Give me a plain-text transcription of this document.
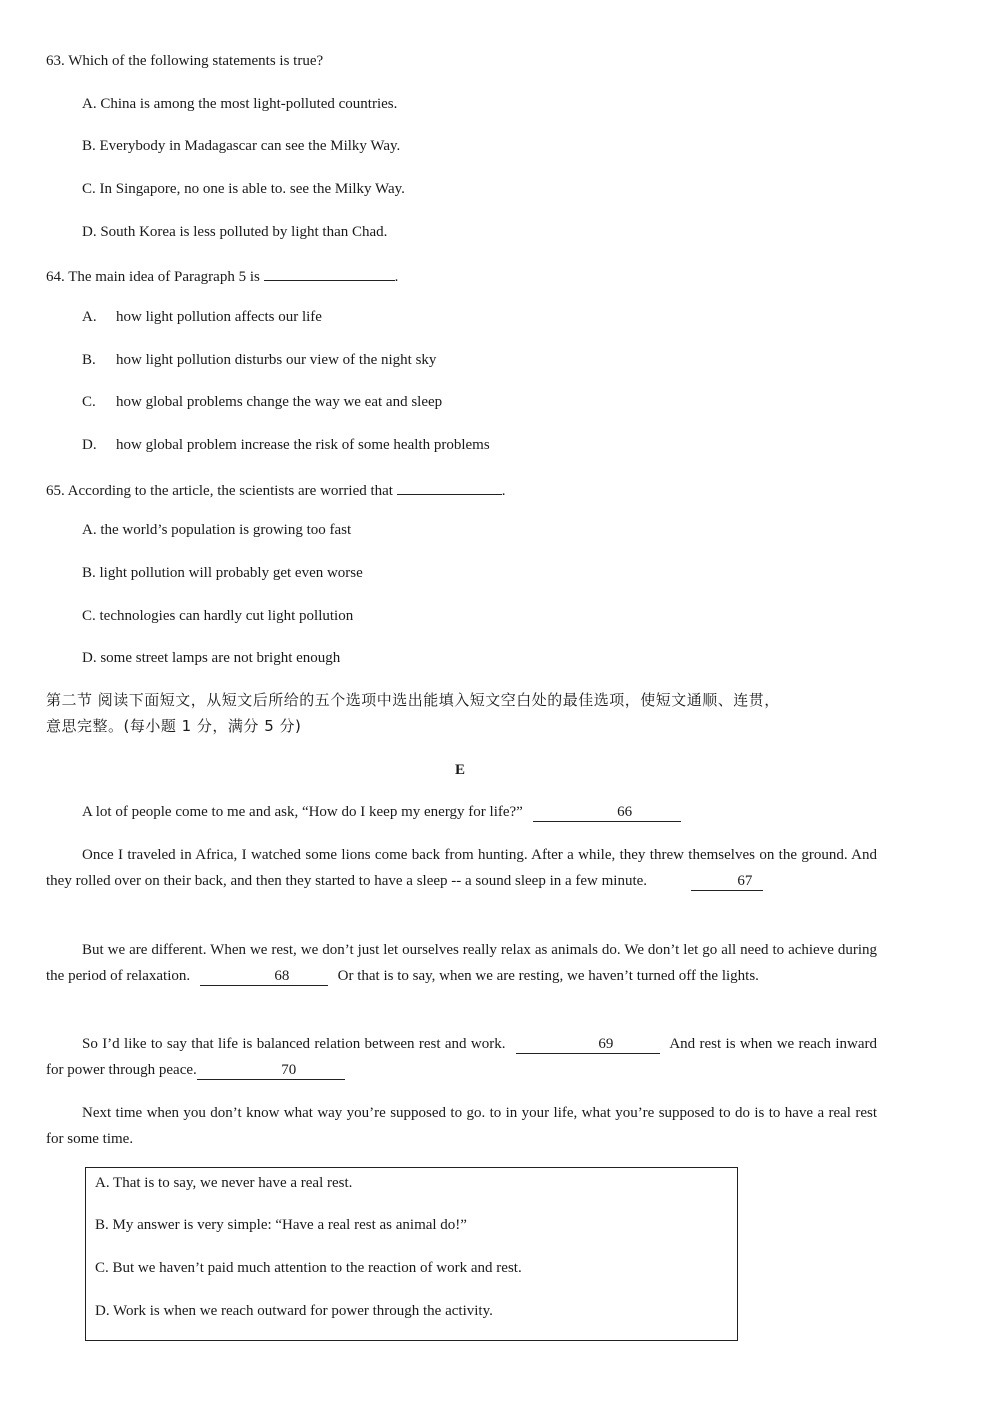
63. Which of the following statements is true?
A. China is among the most light-polluted countries.
B. Everybody in Madagascar can see the Milky Way.
C. In Singapore, no one is able to. see the Milky Way.
D. South Korea is less polluted by light than Chad.
64. The main idea of Paragraph 5 is	.
A. how light pollution affects our life
B. how light pollution disturbs our view of the night sky
C. how global problems change the way we eat and sleep
D. how global problem increase the risk of some health problems
65. According to the article, the scientists are worried that	.
A. the world’s population is growing too fast
B. light pollution will probably get even worse
C. technologies can hardly cut light pollution
D. some street lamps are not bright enough
第二节 阅读下面短文，从短文后所给的五个选项中选出能填入短文空白处的最佳选项，使短文通顺、连贯，
意思完整。(每小题 1 分，满分 5 分)
E
A lot of people come to me and ask, “How do I keep my energy for life?”	66
Once I traveled in Africa, I watched some lions come back from hunting. After a while, they threw themselves on the ground. And they rolled over on their back, and then they started to have a sleep -- a sound sleep in a few minute.	67
But we are different. When we rest, we don’t just let ourselves really relax as animals do. We don’t let go all need to achieve during the period of relaxation.	68	Or that is to say, when we are resting, we haven’t turned off the lights.
So I’d like to say that life is balanced relation between rest and work.	69	And rest is when we reach inward for power through peace.	70
Next time when you don’t know what way you’re supposed to go. to in your life, what you’re supposed to do is to have a real rest for some time.
A. That is to say, we never have a real rest.
B. My answer is very simple: “Have a real rest as animal do!”
C. But we haven’t paid much attention to the reaction of work and rest.
D. Work is when we reach outward for power through the activity.
